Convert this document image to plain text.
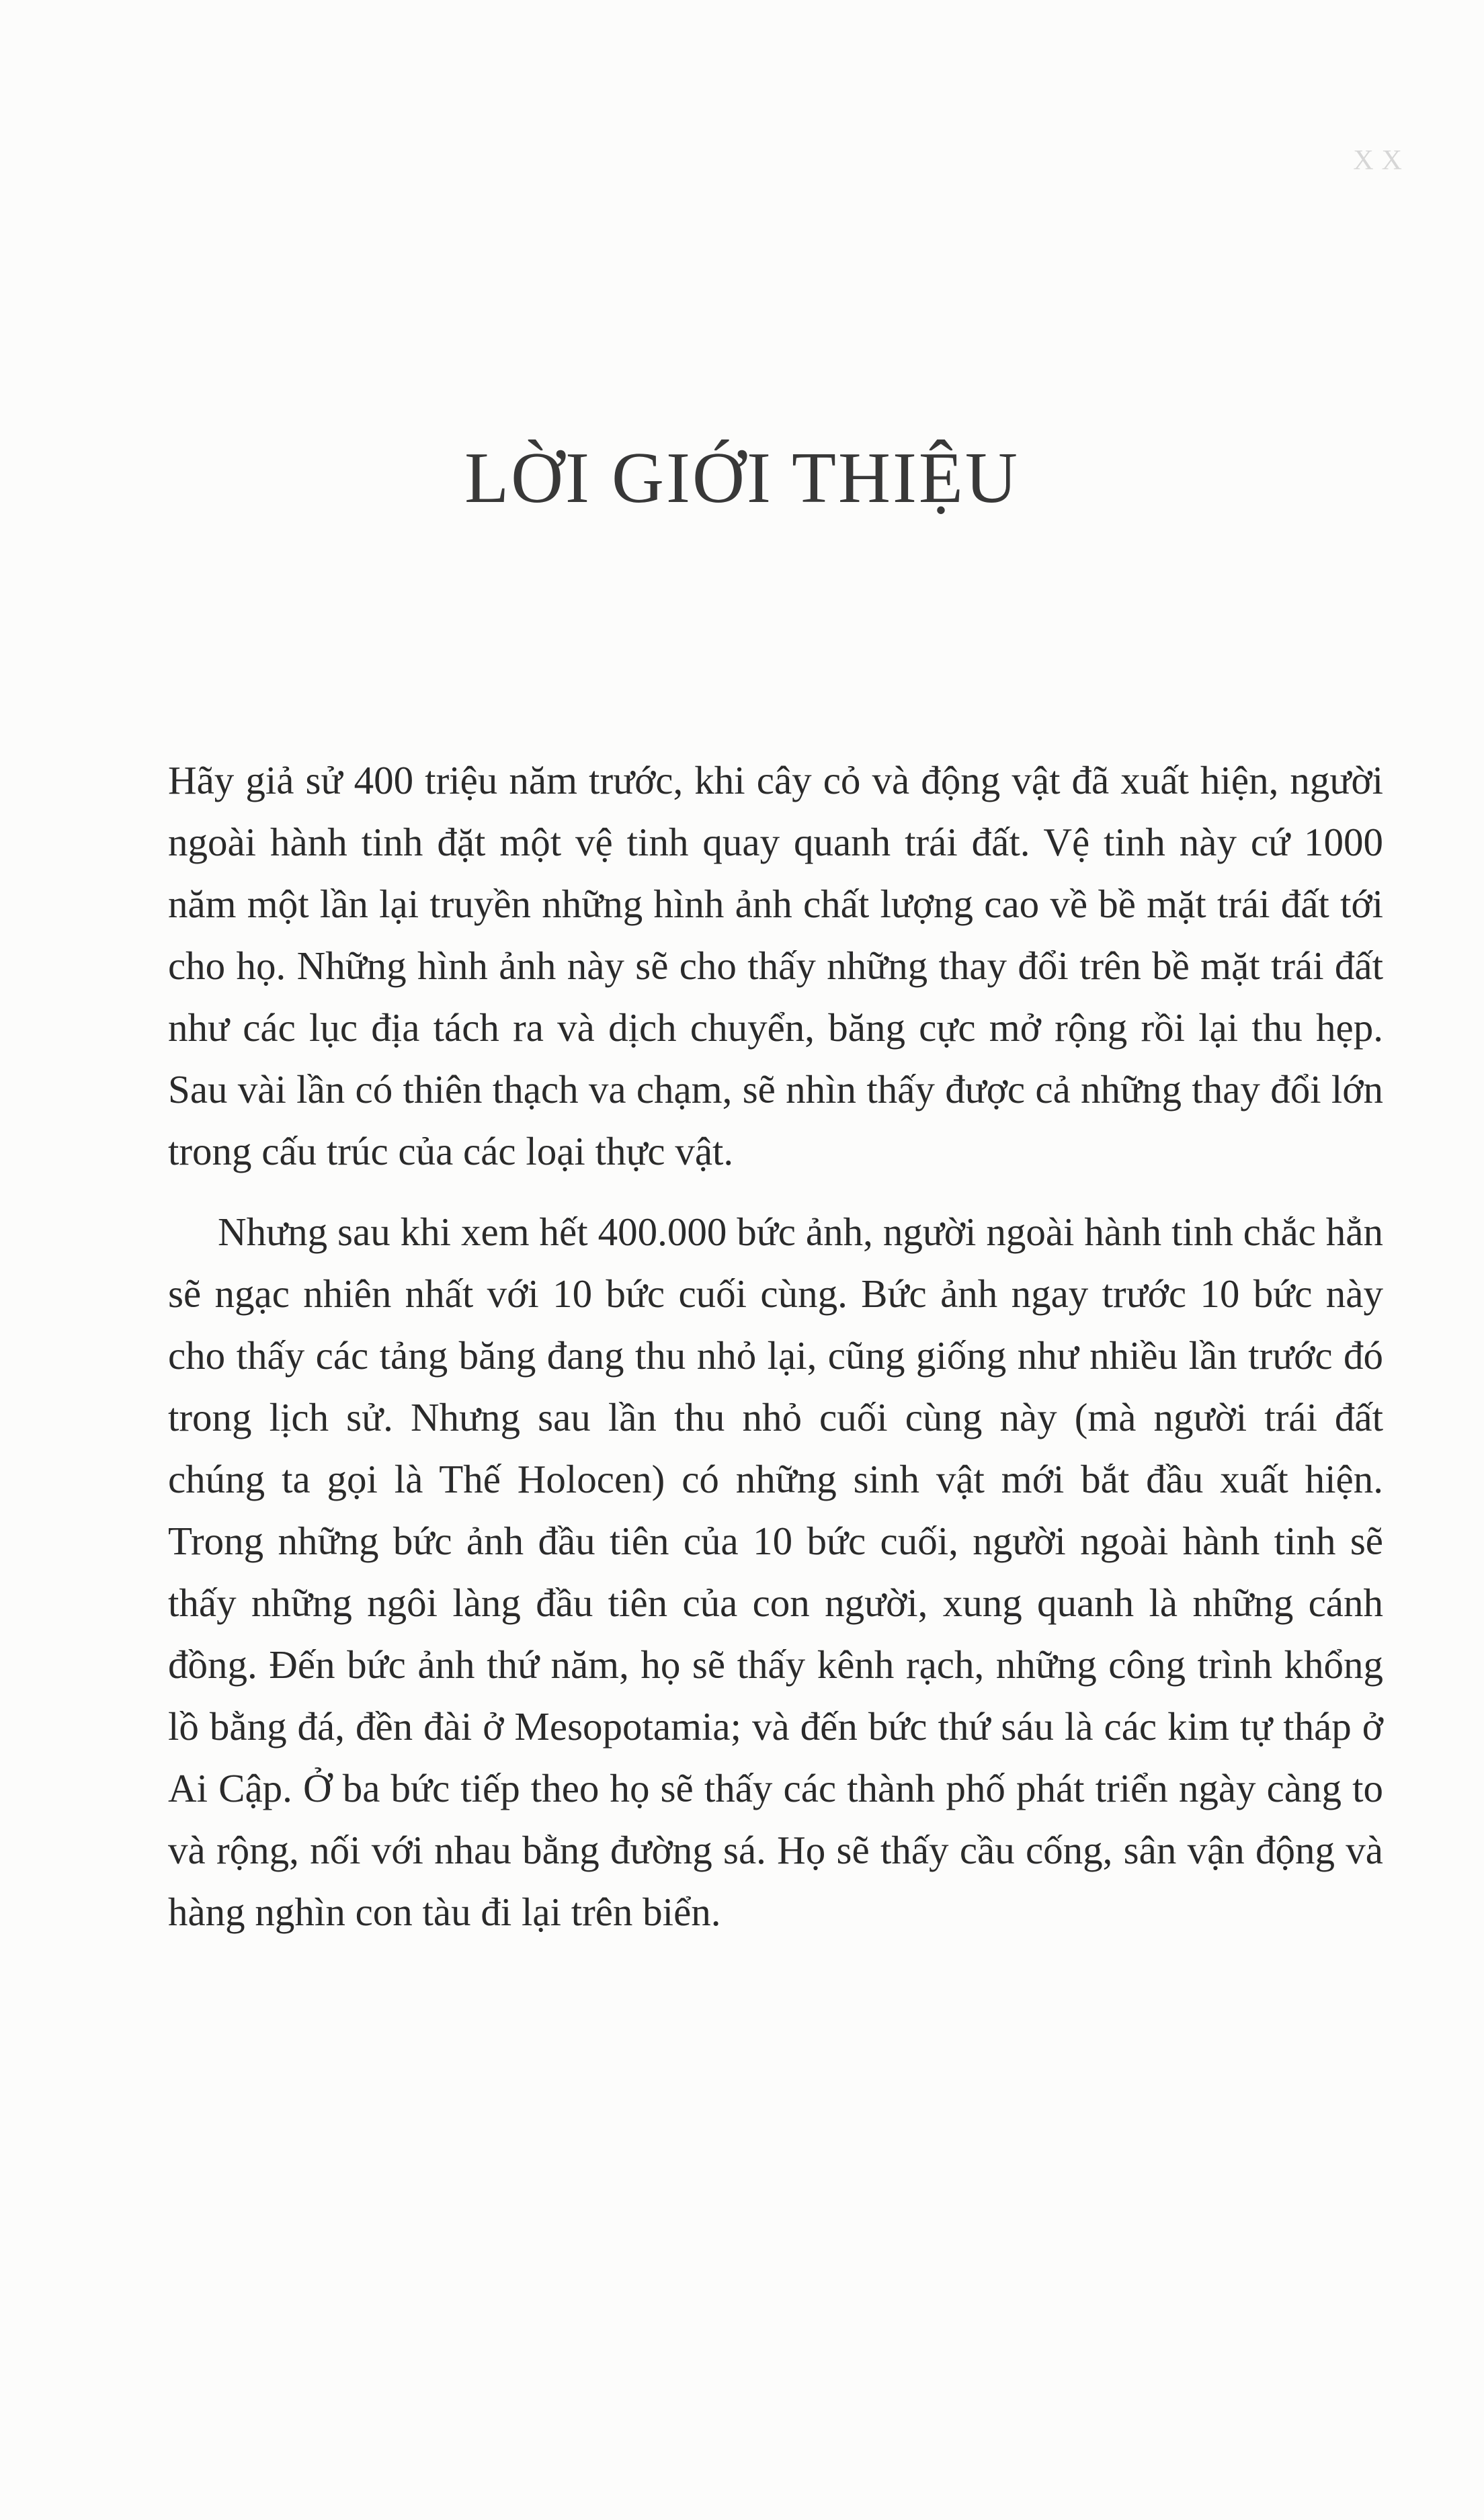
XX
LỜI GIỚI THIỆU

Hãy giả sử 400 triệu năm trước, khi cây cỏ và động vật đã xuất hiện, người ngoài hành tinh đặt một vệ tinh quay quanh trái đất. Vệ tinh này cứ 1000 năm một lần lại truyền những hình ảnh chất lượng cao về bề mặt trái đất tới cho họ. Những hình ảnh này sẽ cho thấy những thay đổi trên bề mặt trái đất như các lục địa tách ra và dịch chuyển, băng cực mở rộng rồi lại thu hẹp. Sau vài lần có thiên thạch va chạm, sẽ nhìn thấy được cả những thay đổi lớn trong cấu trúc của các loại thực vật.

Nhưng sau khi xem hết 400.000 bức ảnh, người ngoài hành tinh chắc hẳn sẽ ngạc nhiên nhất với 10 bức cuối cùng. Bức ảnh ngay trước 10 bức này cho thấy các tảng băng đang thu nhỏ lại, cũng giống như nhiều lần trước đó trong lịch sử. Nhưng sau lần thu nhỏ cuối cùng này (mà người trái đất chúng ta gọi là Thế Holocen) có những sinh vật mới bắt đầu xuất hiện. Trong những bức ảnh đầu tiên của 10 bức cuối, người ngoài hành tinh sẽ thấy những ngôi làng đầu tiên của con người, xung quanh là những cánh đồng. Đến bức ảnh thứ năm, họ sẽ thấy kênh rạch, những công trình khổng lồ bằng đá, đền đài ở Mesopotamia; và đến bức thứ sáu là các kim tự tháp ở Ai Cập. Ở ba bức tiếp theo họ sẽ thấy các thành phố phát triển ngày càng to và rộng, nối với nhau bằng đường sá. Họ sẽ thấy cầu cống, sân vận động và hàng nghìn con tàu đi lại trên biển.
